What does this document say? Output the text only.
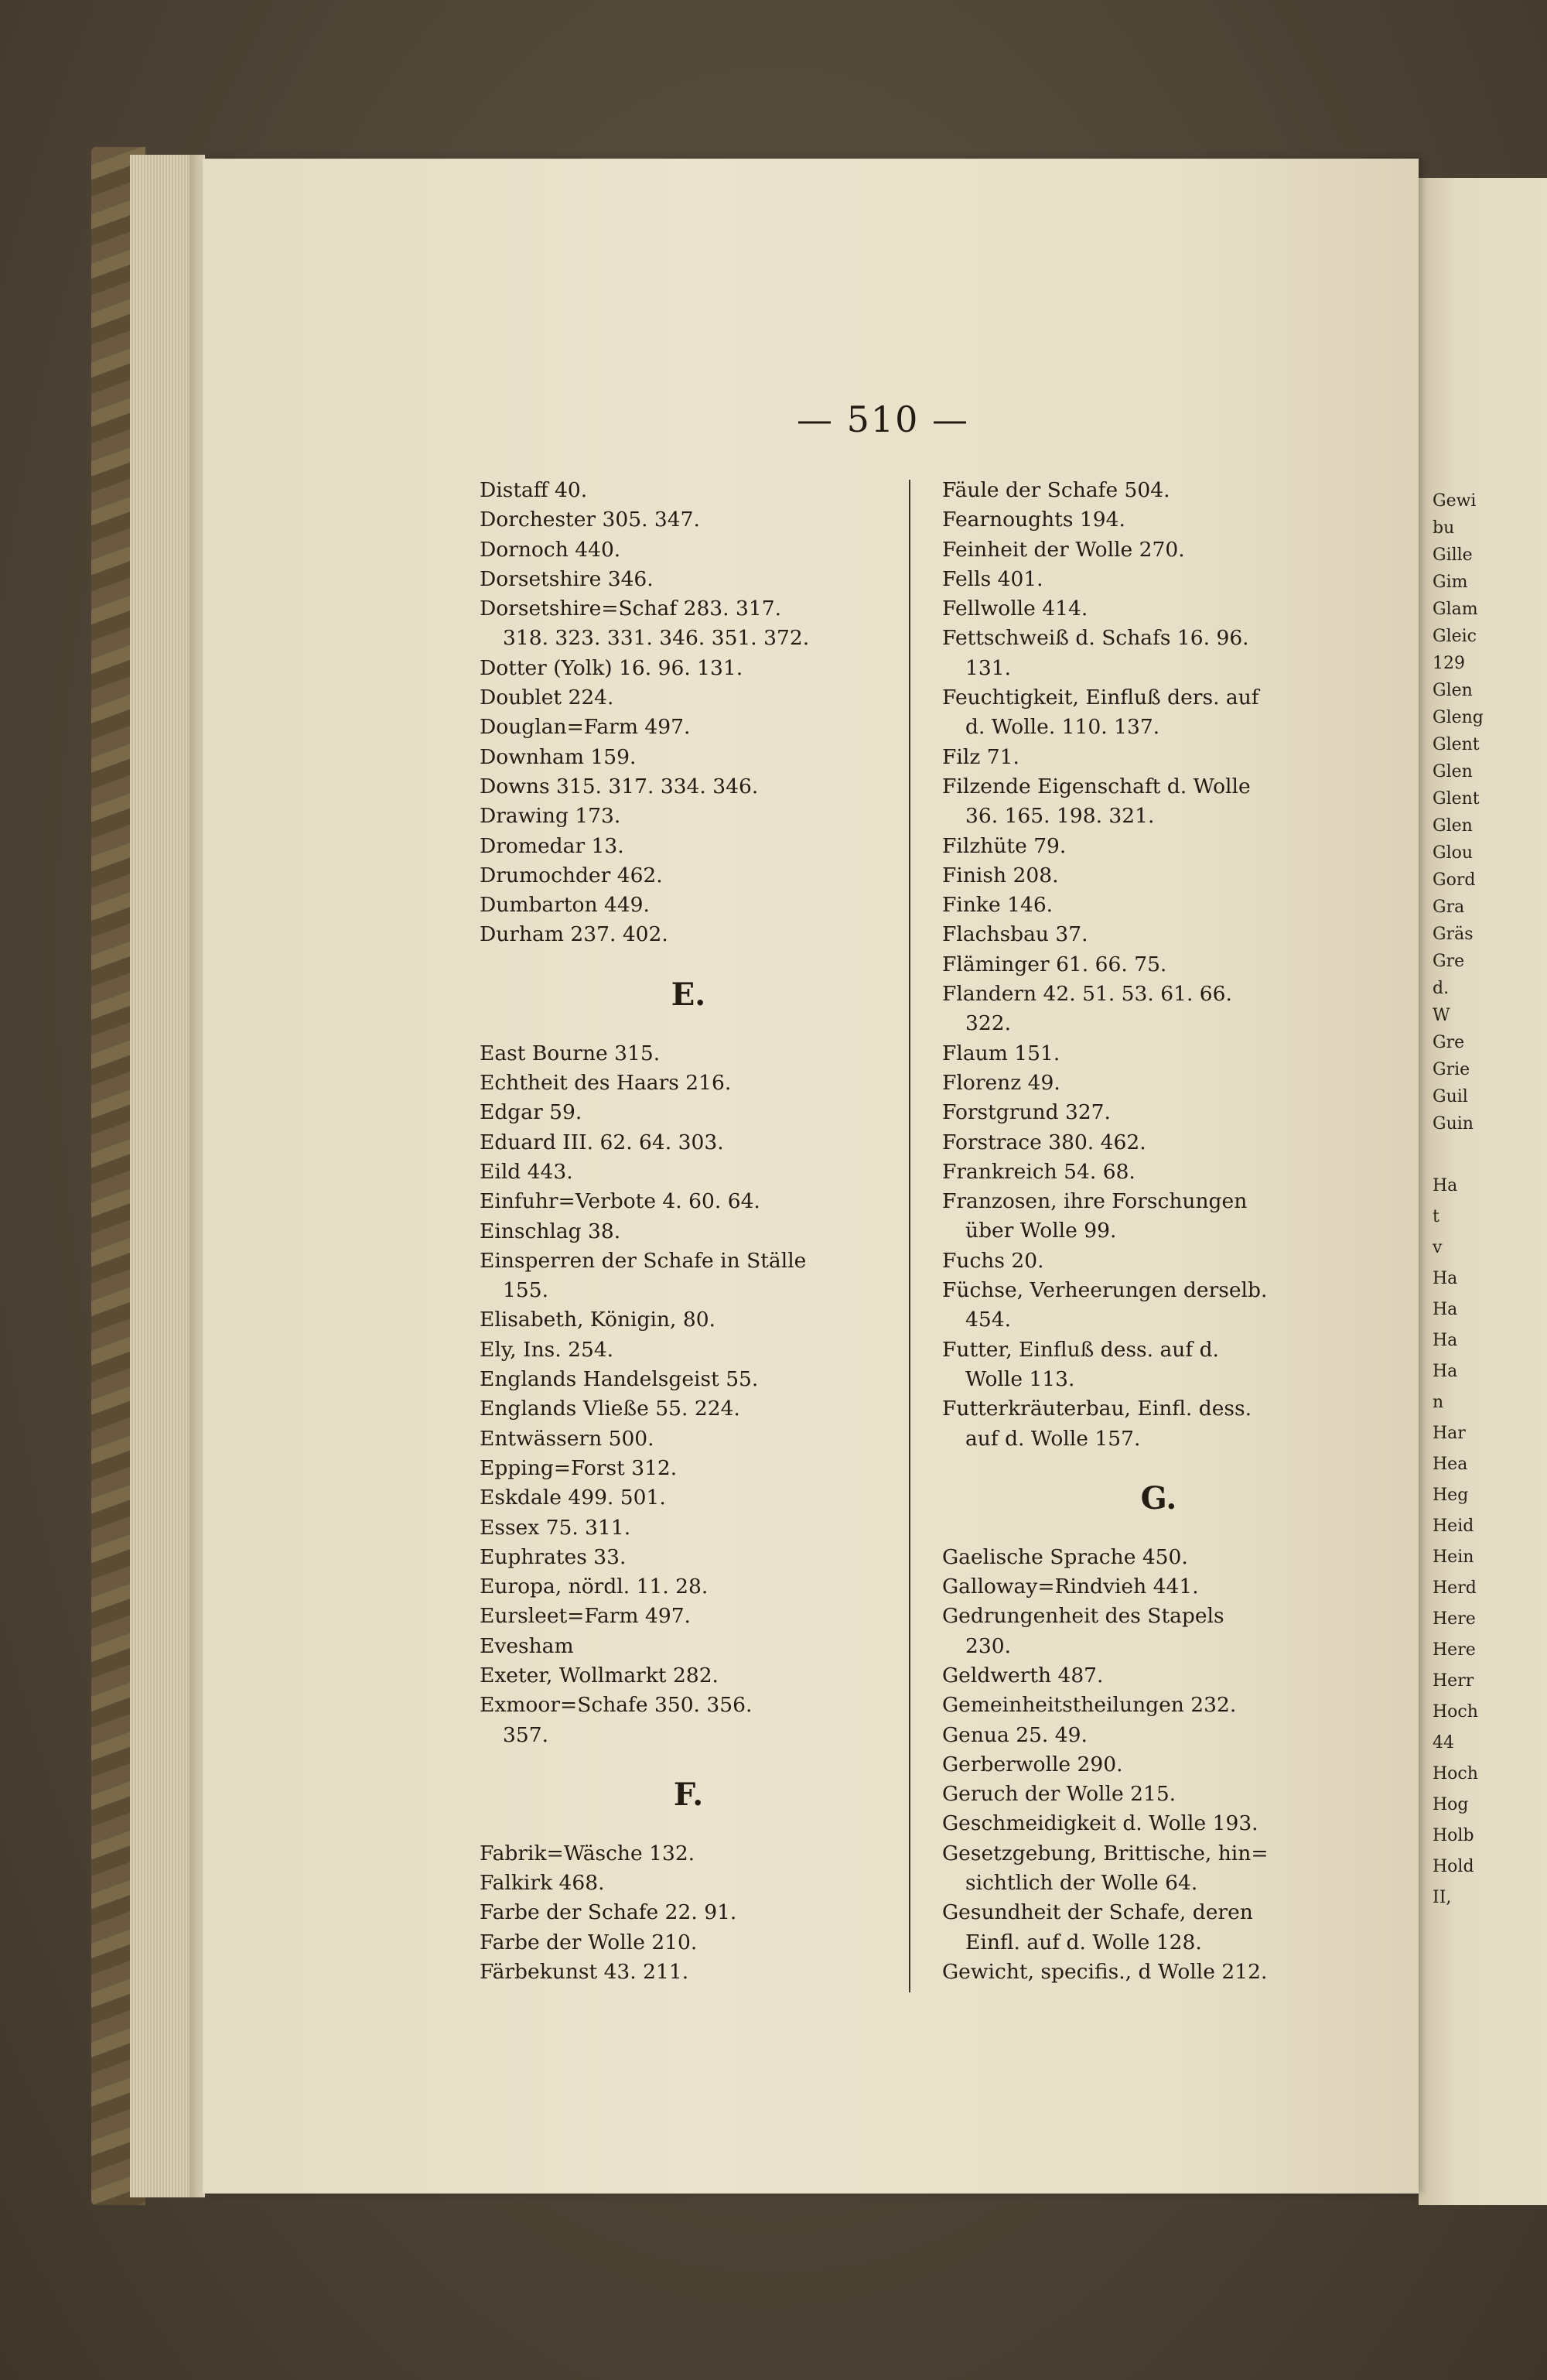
Gewi
bu
Gille
Gim
Glam
Gleic
129
Glen
Gleng
Glent
Glen
Glent
Glen
Glou
Gord
Gra
Gräs
Gre
d.
W
Gre
Grie
Guil
Guin
Ha
t
v
Ha
Ha
Ha
Ha
n
Har
Hea
Heg
Heid
Hein
Herd
Here
Here
Herr
Hoch
44
Hoch
Hog
Holb
Hold
II,
— 510 —
Distaff 40.
Dorchester 305. 347.
Dornoch 440.
Dorsetshire 346.
Dorsetshire=Schaf 283. 317.
318. 323. 331. 346. 351. 372.
Dotter (Yolk) 16. 96. 131.
Doublet 224.
Douglan=Farm 497.
Downham 159.
Downs 315. 317. 334. 346.
Drawing 173.
Dromedar 13.
Drumochder 462.
Dumbarton 449.
Durham 237. 402.
E.
East Bourne 315.
Echtheit des Haars 216.
Edgar 59.
Eduard III. 62. 64. 303.
Eild 443.
Einfuhr=Verbote 4. 60. 64.
Einschlag 38.
Einsperren der Schafe in Ställe
155.
Elisabeth, Königin, 80.
Ely, Ins. 254.
Englands Handelsgeist 55.
Englands Vließe 55. 224.
Entwässern 500.
Epping=Forst 312.
Eskdale 499. 501.
Essex 75. 311.
Euphrates 33.
Europa, nördl. 11. 28.
Eursleet=Farm 497.
Evesham
Exeter, Wollmarkt 282.
Exmoor=Schafe 350. 356.
357.
F.
Fabrik=Wäsche 132.
Falkirk 468.
Farbe der Schafe 22. 91.
Farbe der Wolle 210.
Färbekunst 43. 211.
Fäule der Schafe 504.
Fearnoughts 194.
Feinheit der Wolle 270.
Fells 401.
Fellwolle 414.
Fettschweiß d. Schafs 16. 96.
131.
Feuchtigkeit, Einfluß ders. auf
d. Wolle. 110. 137.
Filz 71.
Filzende Eigenschaft d. Wolle
36. 165. 198. 321.
Filzhüte 79.
Finish 208.
Finke 146.
Flachsbau 37.
Fläminger 61. 66. 75.
Flandern 42. 51. 53. 61. 66.
322.
Flaum 151.
Florenz 49.
Forstgrund 327.
Forstrace 380. 462.
Frankreich 54. 68.
Franzosen, ihre Forschungen
über Wolle 99.
Fuchs 20.
Füchse, Verheerungen derselb.
454.
Futter, Einfluß dess. auf d.
Wolle 113.
Futterkräuterbau, Einfl. dess.
auf d. Wolle 157.
G.
Gaelische Sprache 450.
Galloway=Rindvieh 441.
Gedrungenheit des Stapels
230.
Geldwerth 487.
Gemeinheitstheilungen 232.
Genua 25. 49.
Gerberwolle 290.
Geruch der Wolle 215.
Geschmeidigkeit d. Wolle 193.
Gesetzgebung, Brittische, hin=
sichtlich der Wolle 64.
Gesundheit der Schafe, deren
Einfl. auf d. Wolle 128.
Gewicht, specifis., d Wolle 212.
